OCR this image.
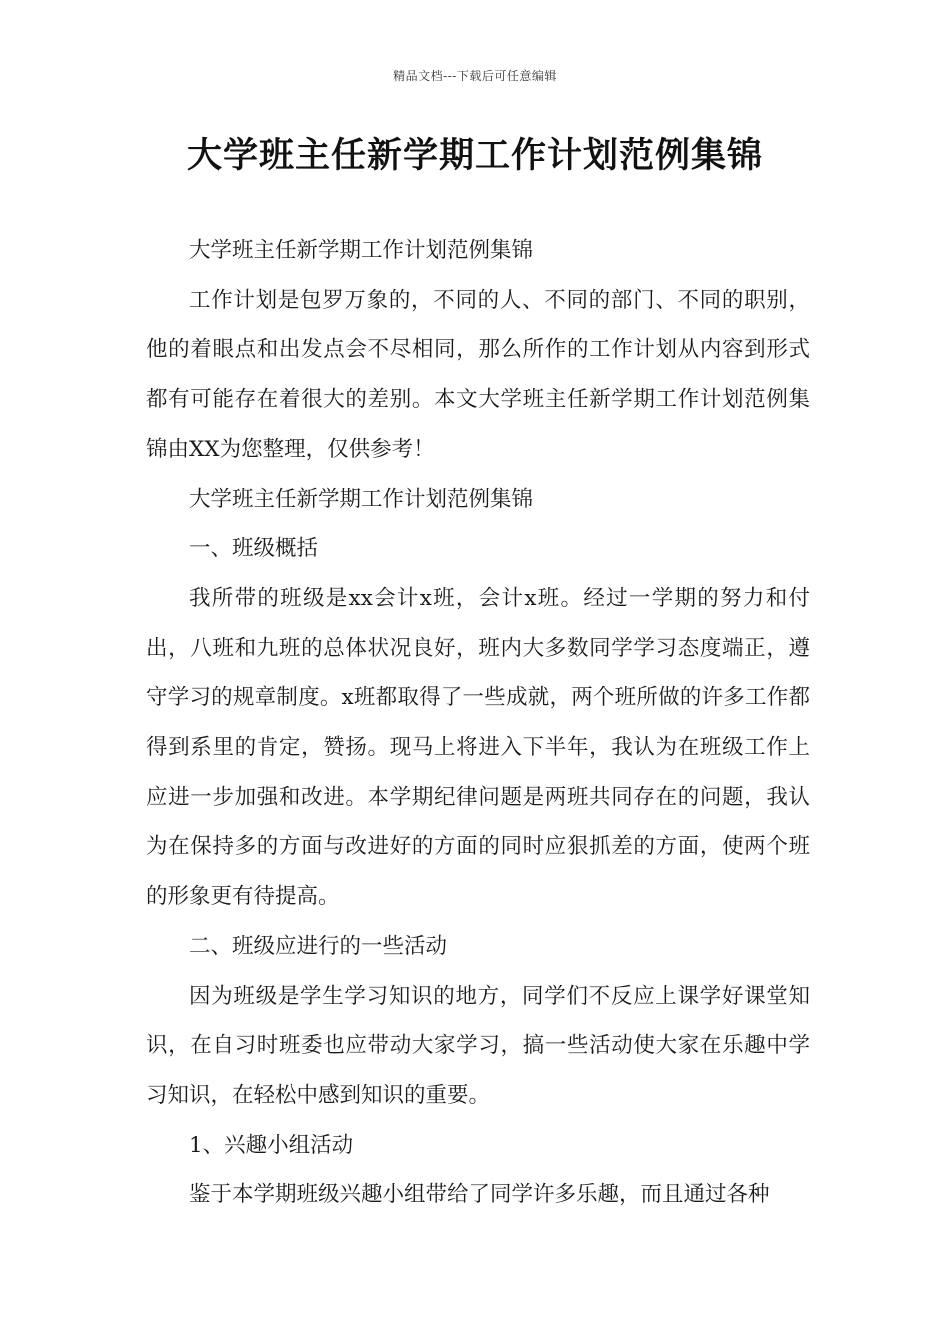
精品文档---下载后可任意编辑
大学班主任新学期工作计划范例集锦

大学班主任新学期工作计划范例集锦

工作计划是包罗万象的，不同的人、不同的部门、不同的职别，他的着眼点和出发点会不尽相同，那么所作的工作计划从内容到形式都有可能存在着很大的差别。本文大学班主任新学期工作计划范例集锦由XX为您整理，仅供参考！

大学班主任新学期工作计划范例集锦

一、班级概括

我所带的班级是xx会计x班，会计x班。经过一学期的努力和付出，八班和九班的总体状况良好，班内大多数同学学习态度端正，遵守学习的规章制度。x班都取得了一些成就，两个班所做的许多工作都得到系里的肯定，赞扬。现马上将进入下半年，我认为在班级工作上应进一步加强和改进。本学期纪律问题是两班共同存在的问题，我认为在保持多的方面与改进好的方面的同时应狠抓差的方面，使两个班的形象更有待提高。

二、班级应进行的一些活动

因为班级是学生学习知识的地方，同学们不反应上课学好课堂知识，在自习时班委也应带动大家学习，搞一些活动使大家在乐趣中学习知识，在轻松中感到知识的重要。

1、兴趣小组活动

鉴于本学期班级兴趣小组带给了同学许多乐趣，而且通过各种
